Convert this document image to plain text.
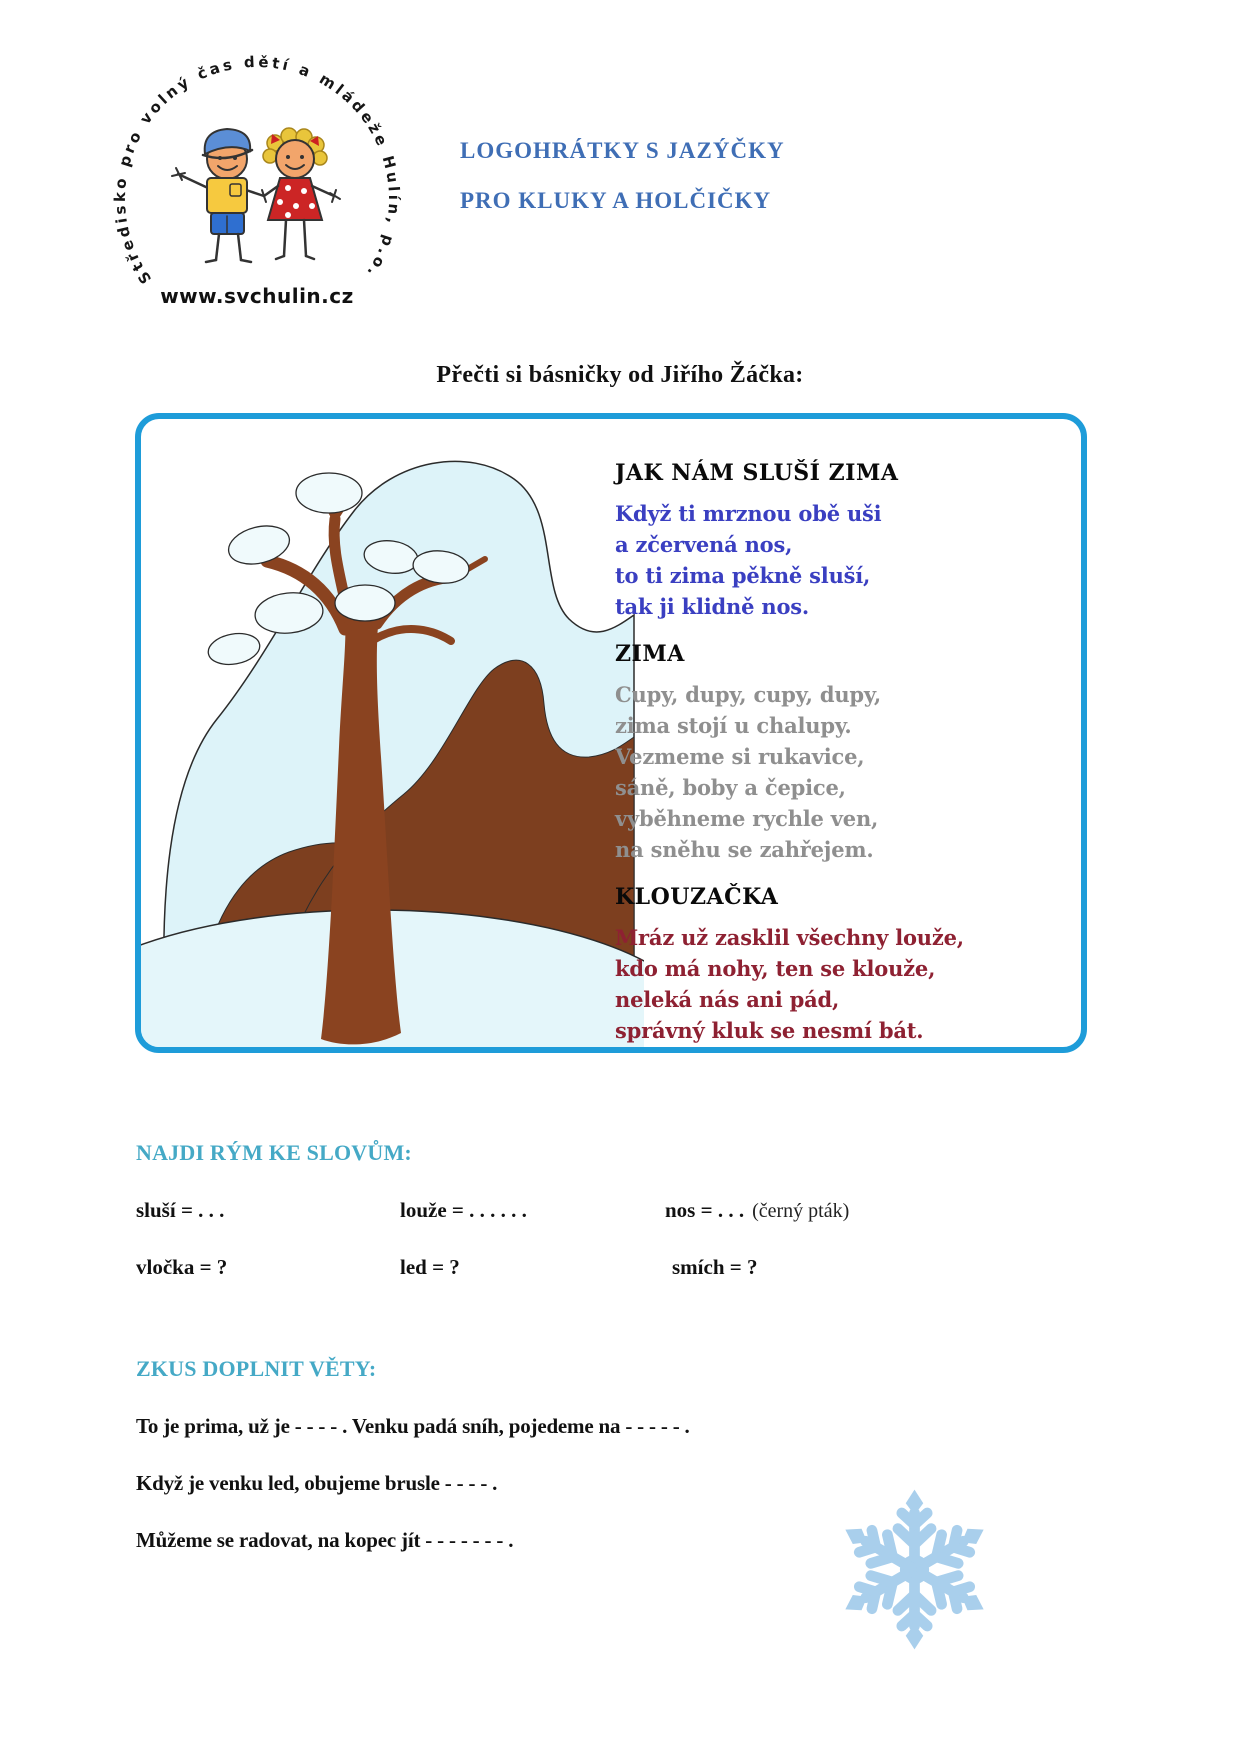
Středisko pro volný čas dětí a mládeže Hulín, p.o.
www.svchulin.cz
LOGOHRÁTKY S JAZÝČKY
PRO KLUKY A HOLČIČKY
Přečti si básničky od Jiřího Žáčka:
JAK NÁM SLUŠÍ ZIMA
Když ti mrznou obě uši
a zčervená nos,
to ti zima pěkně sluší,
tak ji klidně nos.
ZIMA
Cupy, dupy, cupy, dupy,
zima stojí u chalupy.
Vezmeme si rukavice,
sáně, boby a čepice,
vyběhneme rychle ven,
na sněhu se zahřejem.
KLOUZAČKA
Mráz už zasklil všechny louže,
kdo má nohy, ten se klouže,
neleká nás ani pád,
správný kluk se nesmí bát.
NAJDI RÝM KE SLOVŮM:
sluší = . . .	louže = . . . . . .	nos = . . . (černý pták)
vločka = ?	led = ?	smích = ?
ZKUS DOPLNIT VĚTY:
To je prima, už je - - - - . Venku padá sníh, pojedeme na - - - - - .
Když je venku led, obujeme brusle - - - - .
Můžeme se radovat, na kopec jít - - - - - - - .
